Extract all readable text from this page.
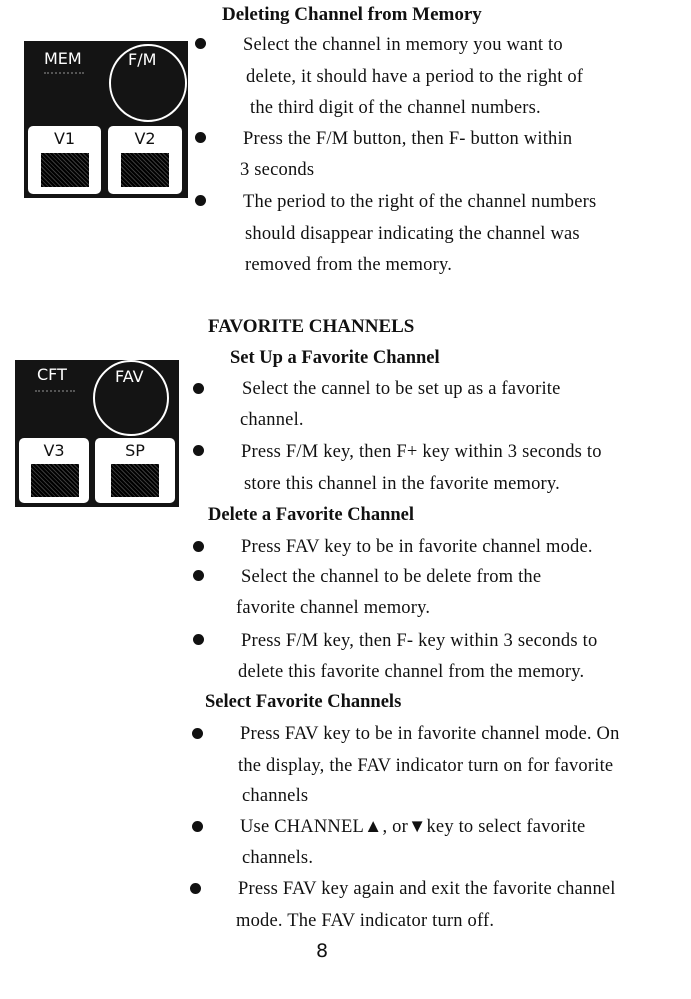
Deleting Channel from Memory
MEM	F/M
V1	V2
Select the channel in memory you want to
delete, it should have a period to the right of
the third digit of the channel numbers.
Press the F/M button, then F- button within
3 seconds
The period to the right of the channel numbers
should disappear indicating the channel was
removed from the memory.
FAVORITE CHANNELS
CFT	FAV
V3	SP
Set Up a Favorite Channel
Select the cannel to be set up as a favorite
channel.
Press F/M key, then F+ key within 3 seconds to
store this channel in the favorite memory.
Delete a Favorite Channel
Press FAV key to be in favorite channel mode.
Select the channel to be delete from the
favorite channel memory.
Press F/M key, then F- key within 3 seconds to
delete this favorite channel from the memory.
Select Favorite Channels
Press FAV key to be in favorite channel mode. On
the display, the FAV indicator turn on for favorite
channels
Use CHANNEL▲, or▼key to select favorite
channels.
Press FAV key again and exit the favorite channel
mode. The FAV indicator turn off.
8
